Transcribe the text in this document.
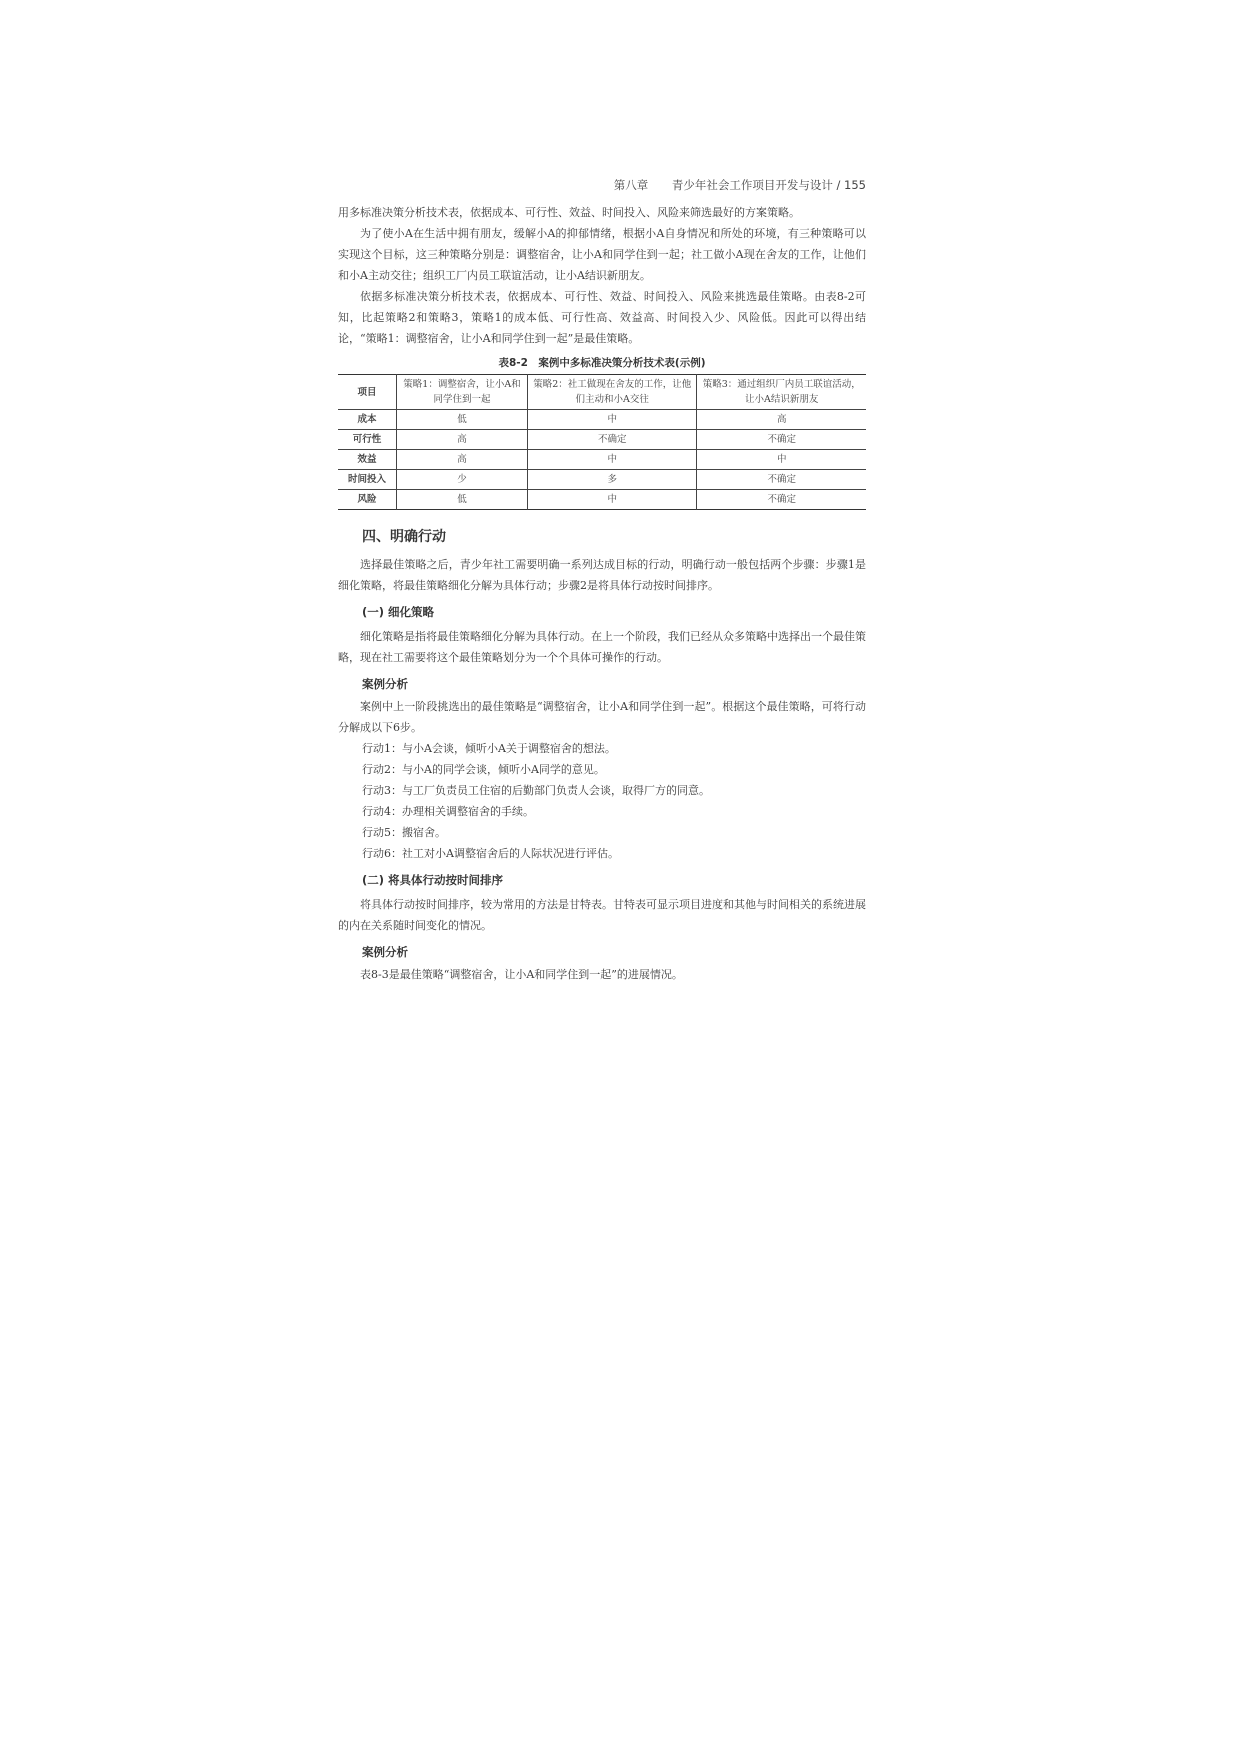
第八章 青少年社会工作项目开发与设计 / 155

用多标准决策分析技术表，依据成本、可行性、效益、时间投入、风险来筛选最好的方案策略。

为了使小A在生活中拥有朋友，缓解小A的抑郁情绪，根据小A自身情况和所处的环境，有三种策略可以实现这个目标，这三种策略分别是：调整宿舍，让小A和同学住到一起；社工做小A现在舍友的工作，让他们和小A主动交往；组织工厂内员工联谊活动，让小A结识新朋友。

依据多标准决策分析技术表，依据成本、可行性、效益、时间投入、风险来挑选最佳策略。由表8-2可知，比起策略2和策略3，策略1的成本低、可行性高、效益高、时间投入少、风险低。因此可以得出结论，“策略1：调整宿舍，让小A和同学住到一起”是最佳策略。

表8-2　案例中多标准决策分析技术表(示例)
项目	策略1：调整宿舍，让小A和同学住到一起	策略2：社工做现在舍友的工作，让他们主动和小A交往	策略3：通过组织厂内员工联谊活动，让小A结识新朋友
成本	低	中	高
可行性	高	不确定	不确定
效益	高	中	中
时间投入	少	多	不确定
风险	低	中	不确定
四、明确行动

选择最佳策略之后，青少年社工需要明确一系列达成目标的行动，明确行动一般包括两个步骤：步骤1是细化策略，将最佳策略细化分解为具体行动；步骤2是将具体行动按时间排序。

(一) 细化策略

细化策略是指将最佳策略细化分解为具体行动。在上一个阶段，我们已经从众多策略中选择出一个最佳策略，现在社工需要将这个最佳策略划分为一个个具体可操作的行动。

案例分析

案例中上一阶段挑选出的最佳策略是“调整宿舍，让小A和同学住到一起”。根据这个最佳策略，可将行动分解成以下6步。

行动1：与小A会谈，倾听小A关于调整宿舍的想法。

行动2：与小A的同学会谈，倾听小A同学的意见。

行动3：与工厂负责员工住宿的后勤部门负责人会谈，取得厂方的同意。

行动4：办理相关调整宿舍的手续。

行动5：搬宿舍。

行动6：社工对小A调整宿舍后的人际状况进行评估。

(二) 将具体行动按时间排序

将具体行动按时间排序，较为常用的方法是甘特表。甘特表可显示项目进度和其他与时间相关的系统进展的内在关系随时间变化的情况。

案例分析

表8-3是最佳策略“调整宿舍，让小A和同学住到一起”的进展情况。
